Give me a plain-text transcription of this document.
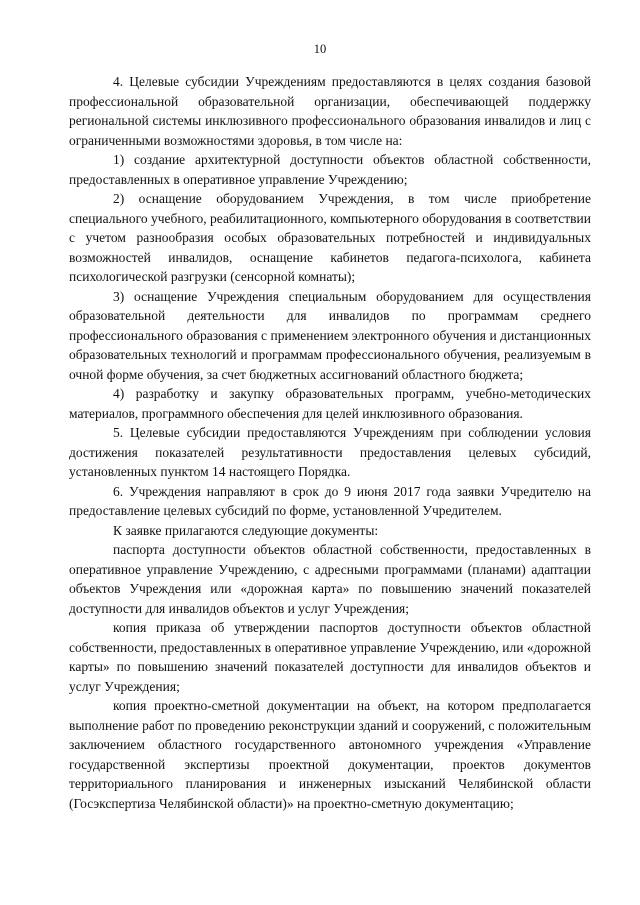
10

4. Целевые субсидии Учреждениям предоставляются в целях создания базовой профессиональной образовательной организации, обеспечивающей поддержку региональной системы инклюзивного профессионального образования инвалидов и лиц с ограниченными возможностями здоровья, в том числе на:

1) создание архитектурной доступности объектов областной собственности, предоставленных в оперативное управление Учреждению;

2) оснащение оборудованием Учреждения, в том числе приобретение специального учебного, реабилитационного, компьютерного оборудования в соответствии с учетом разнообразия особых образовательных потребностей и индивидуальных возможностей инвалидов, оснащение кабинетов педагога-психолога, кабинета психологической разгрузки (сенсорной комнаты);

3) оснащение Учреждения специальным оборудованием для осуществления образовательной деятельности для инвалидов по программам среднего профессионального образования с применением электронного обучения и дистанционных образовательных технологий и программам профессионального обучения, реализуемым в очной форме обучения, за счет бюджетных ассигнований областного бюджета;

4) разработку и закупку образовательных программ, учебно-методических материалов, программного обеспечения для целей инклюзивного образования.

5. Целевые субсидии предоставляются Учреждениям при соблюдении условия достижения показателей результативности предоставления целевых субсидий, установленных пунктом 14 настоящего Порядка.

6. Учреждения направляют в срок до 9 июня 2017 года заявки Учредителю на предоставление целевых субсидий по форме, установленной Учредителем.

К заявке прилагаются следующие документы:

паспорта доступности объектов областной собственности, предоставленных в оперативное управление Учреждению, с адресными программами (планами) адаптации объектов Учреждения или «дорожная карта» по повышению значений показателей доступности для инвалидов объектов и услуг Учреждения;

копия приказа об утверждении паспортов доступности объектов областной собственности, предоставленных в оперативное управление Учреждению, или «дорожной карты» по повышению значений показателей доступности для инвалидов объектов и услуг Учреждения;

копия проектно-сметной документации на объект, на котором предполагается выполнение работ по проведению реконструкции зданий и сооружений, с положительным заключением областного государственного автономного учреждения «Управление государственной экспертизы проектной документации, проектов документов территориального планирования и инженерных изысканий Челябинской области (Госэкспертиза Челябинской области)» на проектно-сметную документацию;
